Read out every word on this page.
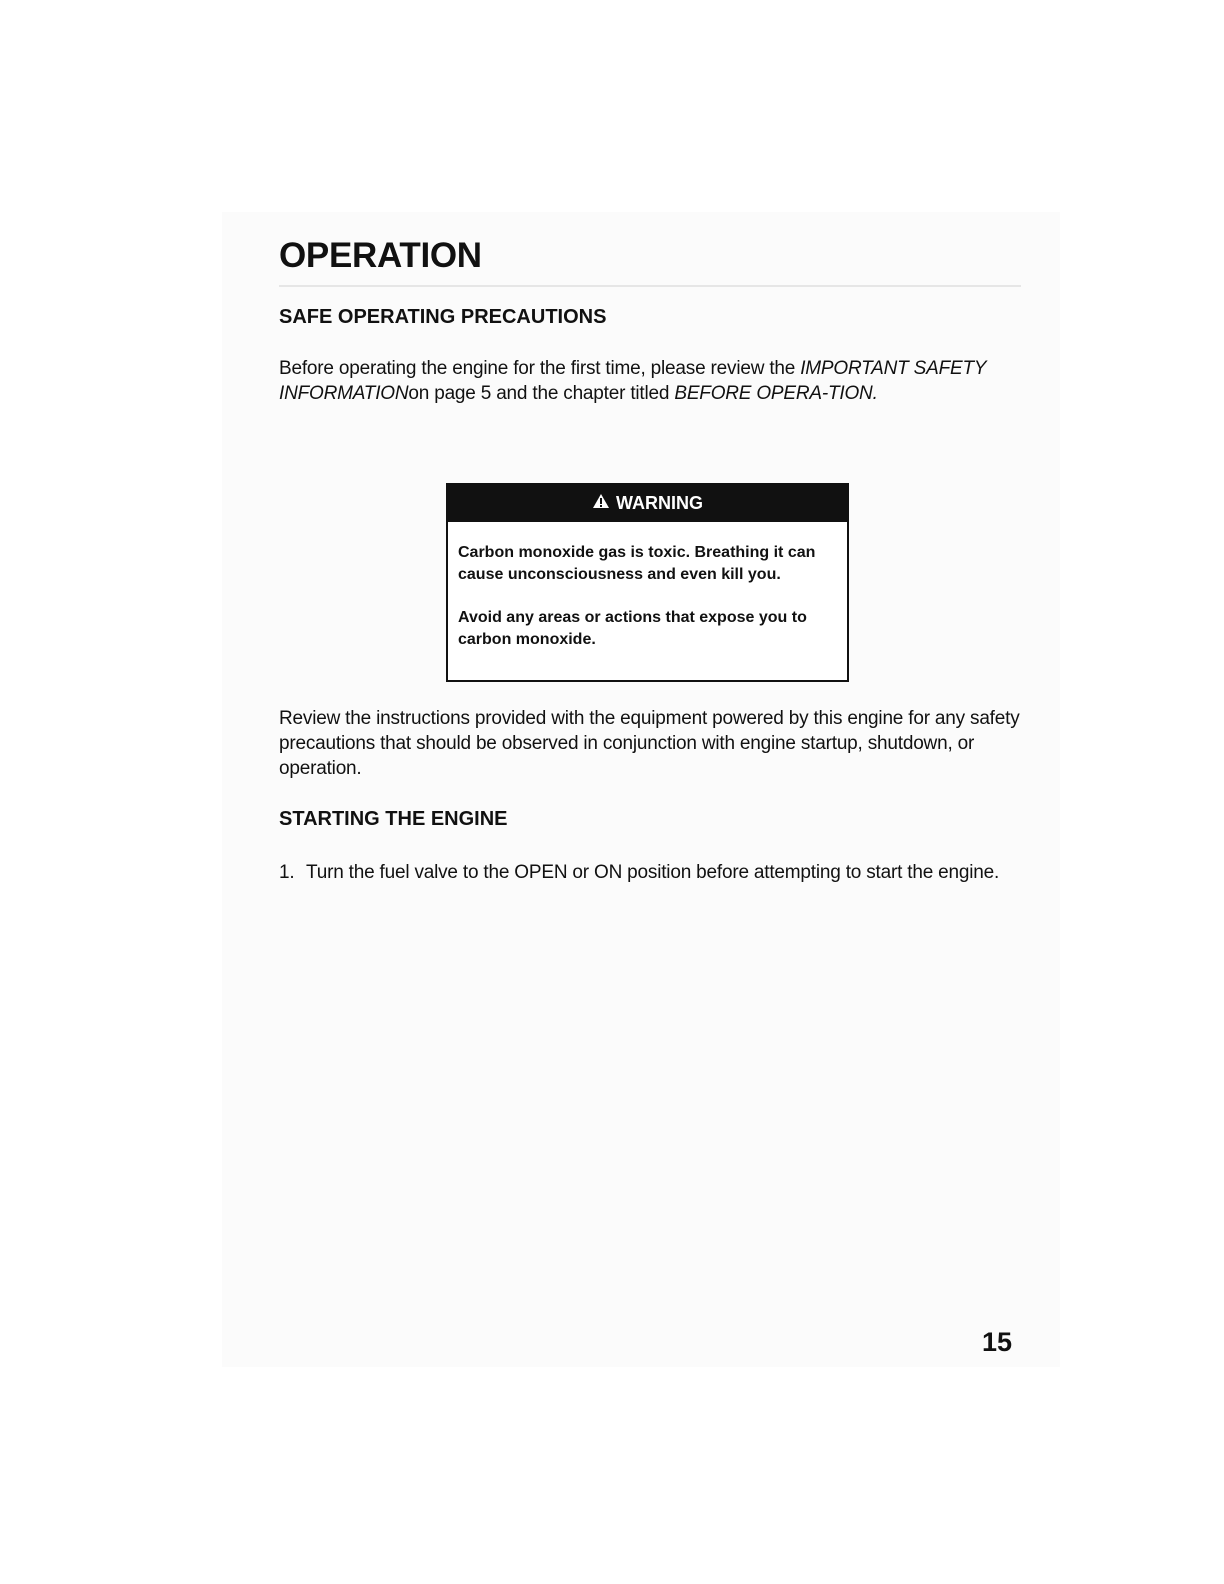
OPERATION
SAFE OPERATING PRECAUTIONS

Before operating the engine for the first time, please review the IMPORTANT SAFETY INFORMATIONon page 5 and the chapter titled BEFORE OPERA-TION.

Review the instructions provided with the equipment powered by this engine for any safety precautions that should be observed in conjunction with engine startup, shutdown, or operation.

STARTING THE ENGINE
1. Turn the fuel valve to the OPEN or ON position before attempting to start the engine.
WARNING

Carbon monoxide gas is toxic. Breathing it can cause unconsciousness and even kill you.

Avoid any areas or actions that expose you to carbon monoxide.

15
